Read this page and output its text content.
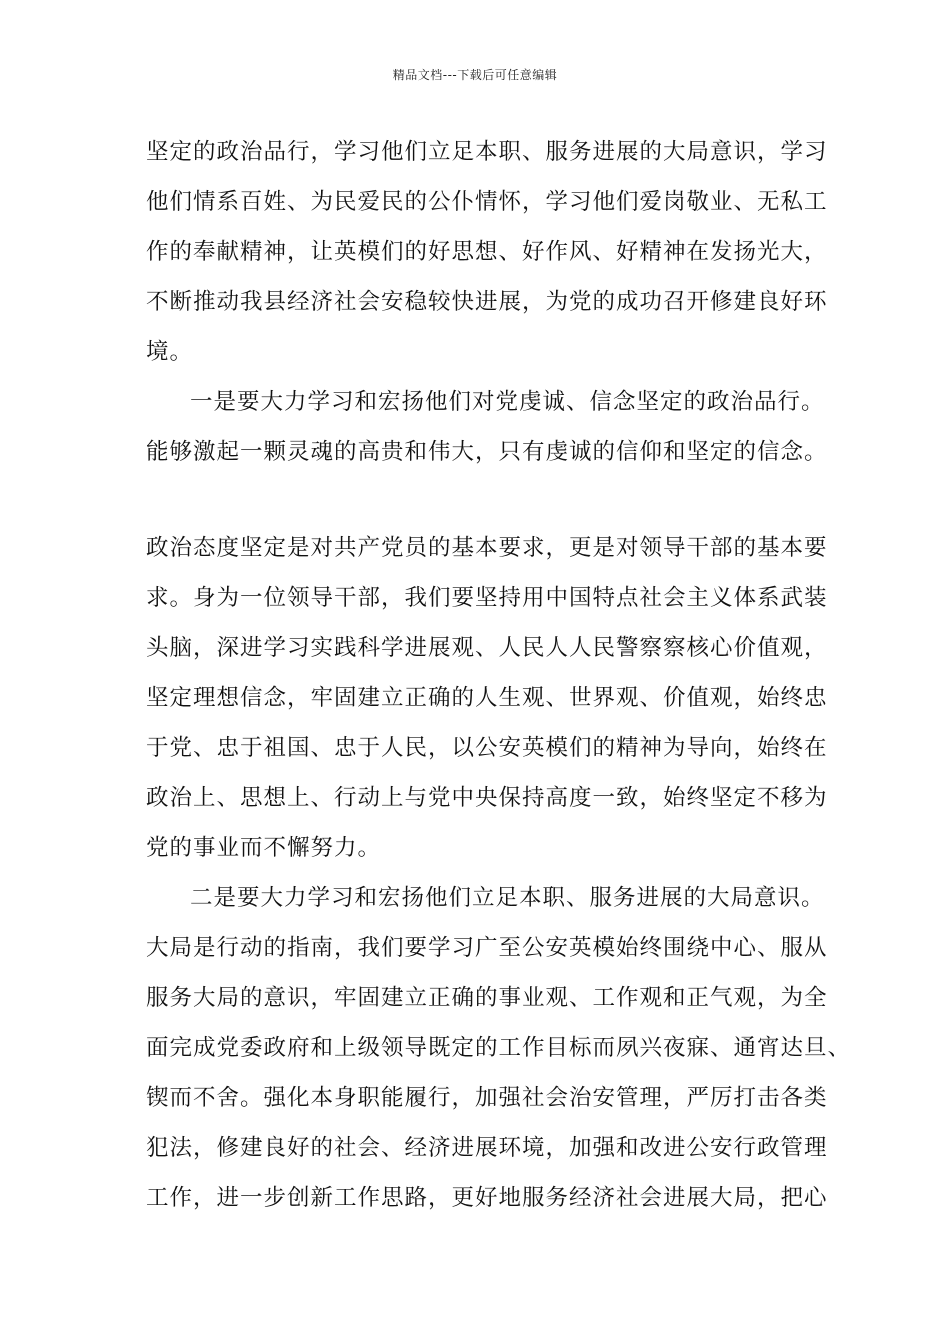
精品文档---下载后可任意编辑
坚定的政治品行，学习他们立足本职、服务进展的大局意识，学习
他们情系百姓、为民爱民的公仆情怀，学习他们爱岗敬业、无私工
作的奉献精神，让英模们的好思想、好作风、好精神在发扬光大，
不断推动我县经济社会安稳较快进展，为党的成功召开修建良好环
境。
一是要大力学习和宏扬他们对党虔诚、信念坚定的政治品行。
能够激起一颗灵魂的高贵和伟大，只有虔诚的信仰和坚定的信念。
政治态度坚定是对共产党员的基本要求，更是对领导干部的基本要
求。身为一位领导干部，我们要坚持用中国特点社会主义体系武装
头脑，深进学习实践科学进展观、人民人人民警察察核心价值观，
坚定理想信念，牢固建立正确的人生观、世界观、价值观，始终忠
于党、忠于祖国、忠于人民，以公安英模们的精神为导向，始终在
政治上、思想上、行动上与党中央保持高度一致，始终坚定不移为
党的事业而不懈努力。
二是要大力学习和宏扬他们立足本职、服务进展的大局意识。
大局是行动的指南，我们要学习广至公安英模始终围绕中心、服从
服务大局的意识，牢固建立正确的事业观、工作观和正气观，为全
面完成党委政府和上级领导既定的工作目标而夙兴夜寐、通宵达旦、
锲而不舍。强化本身职能履行，加强社会治安管理，严厉打击各类
犯法，修建良好的社会、经济进展环境，加强和改进公安行政管理
工作，进一步创新工作思路，更好地服务经济社会进展大局，把心
